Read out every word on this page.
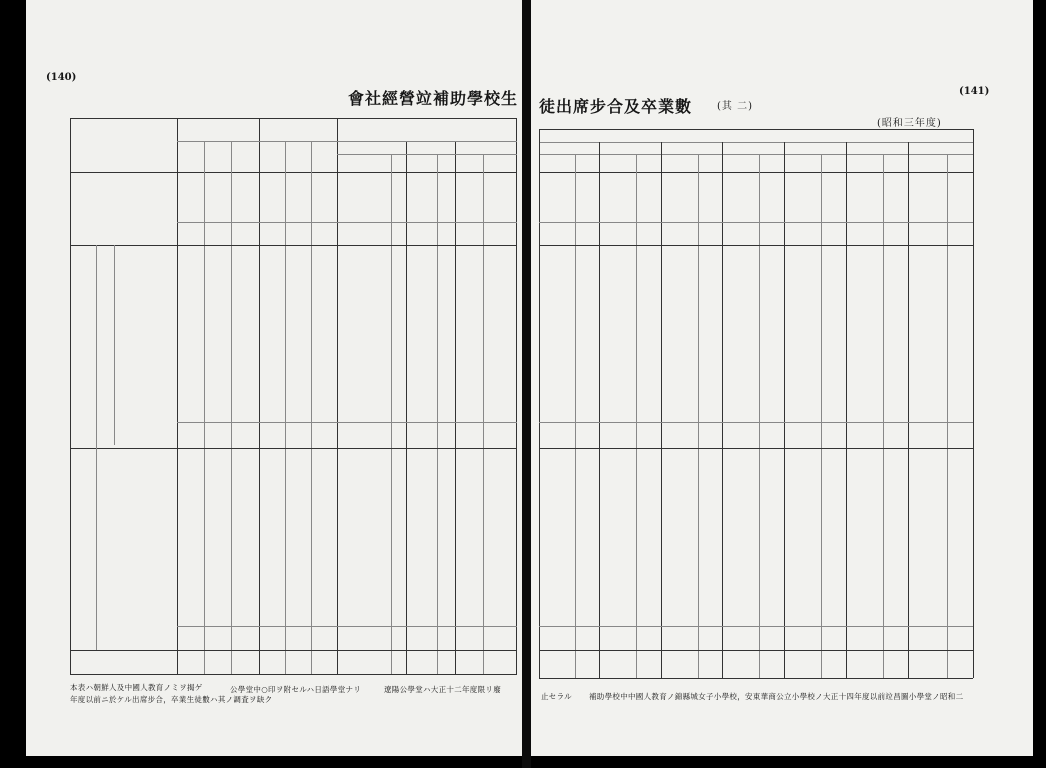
(140)
會社經營竝補助學校生
本表ハ朝鮮人及中國人教育ノミヲ揭ゲ
年度以前ニ於ケル出席步合，卒業生徒數ハ其ノ調査ヲ缺ク
公學堂中○印ヲ附セルハ日語學堂ナリ	遼陽公學堂ハ大正十二年度限リ廢
(141)
徒出席步合及卒業數 (其 二)
(昭和三年度)
止セラル 補助學校中中國人教育ノ錦縣城女子小學校，安東華商公立小學校ノ大正十四年度以前竝昌圖小學堂ノ昭和二
